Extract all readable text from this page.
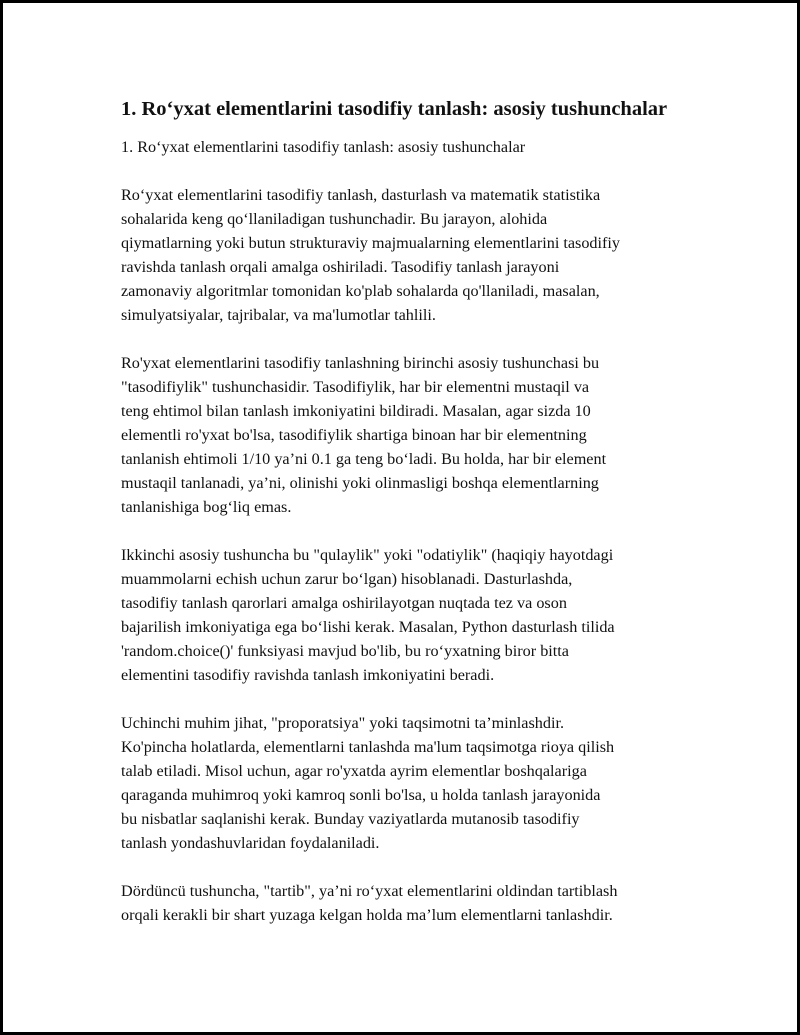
1. Ro‘yxat elementlarini tasodifiy tanlash: asosiy tushunchalar
1. Ro‘yxat elementlarini tasodifiy tanlash: asosiy tushunchalar

Ro‘yxat elementlarini tasodifiy tanlash, dasturlash va matematik statistika
sohalarida keng qo‘llaniladigan tushunchadir. Bu jarayon, alohida
qiymatlarning yoki butun strukturaviy majmualarning elementlarini tasodifiy
ravishda tanlash orqali amalga oshiriladi. Tasodifiy tanlash jarayoni
zamonaviy algoritmlar tomonidan ko'plab sohalarda qo'llaniladi, masalan,
simulyatsiyalar, tajribalar, va ma'lumotlar tahlili.

Ro'yxat elementlarini tasodifiy tanlashning birinchi asosiy tushunchasi bu
"tasodifiylik" tushunchasidir. Tasodifiylik, har bir elementni mustaqil va
teng ehtimol bilan tanlash imkoniyatini bildiradi. Masalan, agar sizda 10
elementli ro'yxat bo'lsa, tasodifiylik shartiga binoan har bir elementning
tanlanish ehtimoli 1/10 ya’ni 0.1 ga teng bo‘ladi. Bu holda, har bir element
mustaqil tanlanadi, ya’ni, olinishi yoki olinmasligi boshqa elementlarning
tanlanishiga bog‘liq emas.

Ikkinchi asosiy tushuncha bu "qulaylik" yoki "odatiylik" (haqiqiy hayotdagi
muammolarni echish uchun zarur bo‘lgan) hisoblanadi. Dasturlashda,
tasodifiy tanlash qarorlari amalga oshirilayotgan nuqtada tez va oson
bajarilish imkoniyatiga ega bo‘lishi kerak. Masalan, Python dasturlash tilida
'random.choice()' funksiyasi mavjud bo'lib, bu ro‘yxatning biror bitta
elementini tasodifiy ravishda tanlash imkoniyatini beradi.

Uchinchi muhim jihat, "proporatsiya" yoki taqsimotni ta’minlashdir.
Ko'pincha holatlarda, elementlarni tanlashda ma'lum taqsimotga rioya qilish
talab etiladi. Misol uchun, agar ro'yxatda ayrim elementlar boshqalariga
qaraganda muhimroq yoki kamroq sonli bo'lsa, u holda tanlash jarayonida
bu nisbatlar saqlanishi kerak. Bunday vaziyatlarda mutanosib tasodifiy
tanlash yondashuvlaridan foydalaniladi.

Dördüncü tushuncha, "tartib", ya’ni ro‘yxat elementlarini oldindan tartiblash
orqali kerakli bir shart yuzaga kelgan holda ma’lum elementlarni tanlashdir.
